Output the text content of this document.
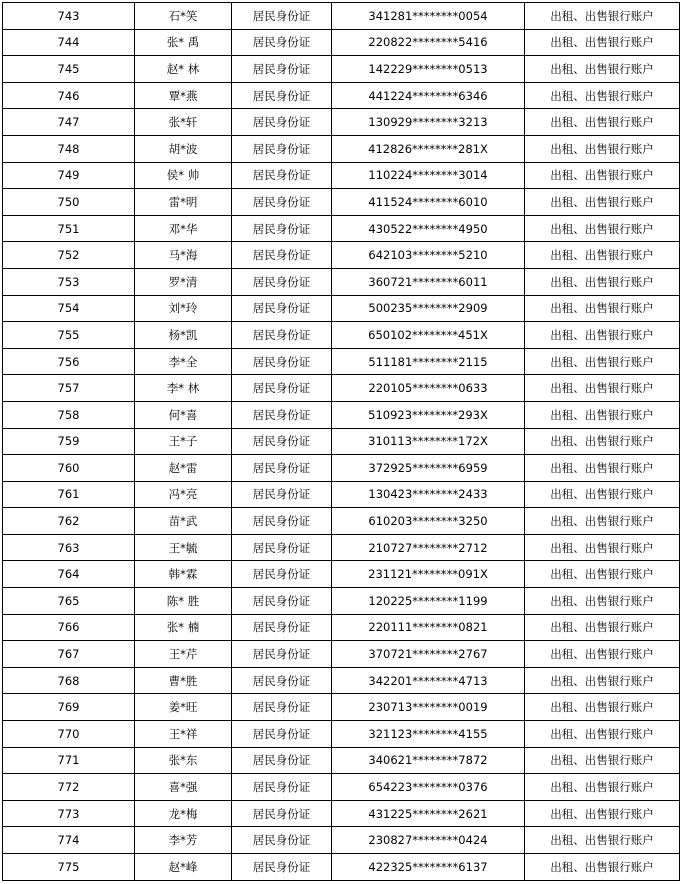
743	石*笑	居民身份证	341281********0054	出租、出售银行账户
744	张* 禹	居民身份证	220822********5416	出租、出售银行账户
745	赵* 林	居民身份证	142229********0513	出租、出售银行账户
746	覃*燕	居民身份证	441224********6346	出租、出售银行账户
747	张*轩	居民身份证	130929********3213	出租、出售银行账户
748	胡*波	居民身份证	412826********281X	出租、出售银行账户
749	侯* 帅	居民身份证	110224********3014	出租、出售银行账户
750	雷*明	居民身份证	411524********6010	出租、出售银行账户
751	邓*华	居民身份证	430522********4950	出租、出售银行账户
752	马*海	居民身份证	642103********5210	出租、出售银行账户
753	罗*清	居民身份证	360721********6011	出租、出售银行账户
754	刘*玲	居民身份证	500235********2909	出租、出售银行账户
755	杨*凯	居民身份证	650102********451X	出租、出售银行账户
756	李*全	居民身份证	511181********2115	出租、出售银行账户
757	李* 林	居民身份证	220105********0633	出租、出售银行账户
758	何*喜	居民身份证	510923********293X	出租、出售银行账户
759	王*子	居民身份证	310113********172X	出租、出售银行账户
760	赵*雷	居民身份证	372925********6959	出租、出售银行账户
761	冯*亮	居民身份证	130423********2433	出租、出售银行账户
762	苗*武	居民身份证	610203********3250	出租、出售银行账户
763	王*毓	居民身份证	210727********2712	出租、出售银行账户
764	韩*霖	居民身份证	231121********091X	出租、出售银行账户
765	陈* 胜	居民身份证	120225********1199	出租、出售银行账户
766	张* 楠	居民身份证	220111********0821	出租、出售银行账户
767	王*芹	居民身份证	370721********2767	出租、出售银行账户
768	曹*胜	居民身份证	342201********4713	出租、出售银行账户
769	姜*旺	居民身份证	230713********0019	出租、出售银行账户
770	王*祥	居民身份证	321123********4155	出租、出售银行账户
771	张*东	居民身份证	340621********7872	出租、出售银行账户
772	喜*强	居民身份证	654223********0376	出租、出售银行账户
773	龙*梅	居民身份证	431225********2621	出租、出售银行账户
774	李*芳	居民身份证	230827********0424	出租、出售银行账户
775	赵*峰	居民身份证	422325********6137	出租、出售银行账户
